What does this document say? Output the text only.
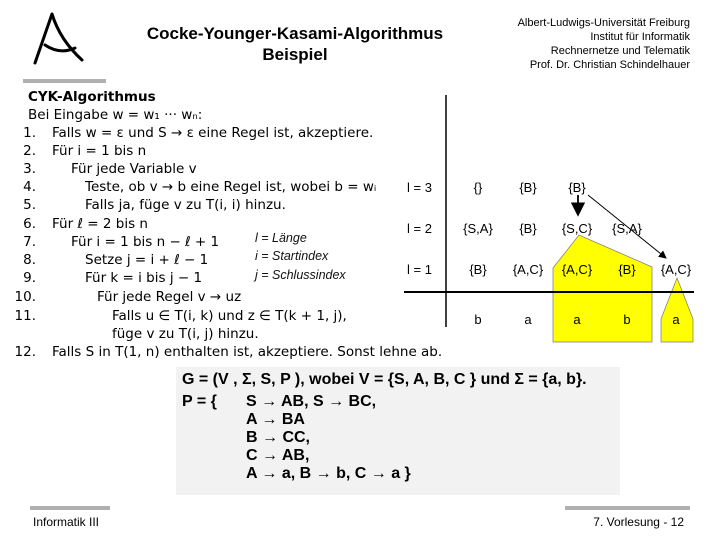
Cocke-Younger-Kasami-Algorithmus
Beispiel
Albert-Ludwigs-Universität Freiburg
Institut für Informatik
Rechnernetze und Telematik
Prof. Dr. Christian Schindelhauer
CYK-Algorithmus
Bei Eingabe w = w₁ ··· wₙ:
1. Falls w = ε und S → ε eine Regel ist, akzeptiere.
2. Für i = 1 bis n
3.	Für jede Variable v
4.	Teste, ob v → b eine Regel ist, wobei b = wᵢ
5.	Falls ja, füge v zu T(i, i) hinzu.
6. Für ℓ = 2 bis n
7.	Für i = 1 bis n − ℓ + 1
8.	Setze j = i + ℓ − 1
9.	Für k = i bis j − 1
10.	Für jede Regel v → uz
11.	Falls u ∈ T(i, k) und z ∈ T(k + 1, j),
füge v zu T(i, j) hinzu.
12. Falls S in T(1, n) enthalten ist, akzeptiere. Sonst lehne ab.
l = Länge
i = Startindex
j = Schlussindex
l = 3
l = 2
l = 1
{}	{B} {B}
{S,A} {B} {S,C} {S,A}
{B} {A,C} {A,C} {B} {A,C}
b	a	a	b	a
G = (V , Σ, S, P ), wobei V = {S, A, B, C } und Σ = {a, b}.
P = { S → AB, S → BC,
A → BA
B → CC,
C → AB,
A → a, B → b, C → a }
Informatik III	7. Vorlesung - 12
